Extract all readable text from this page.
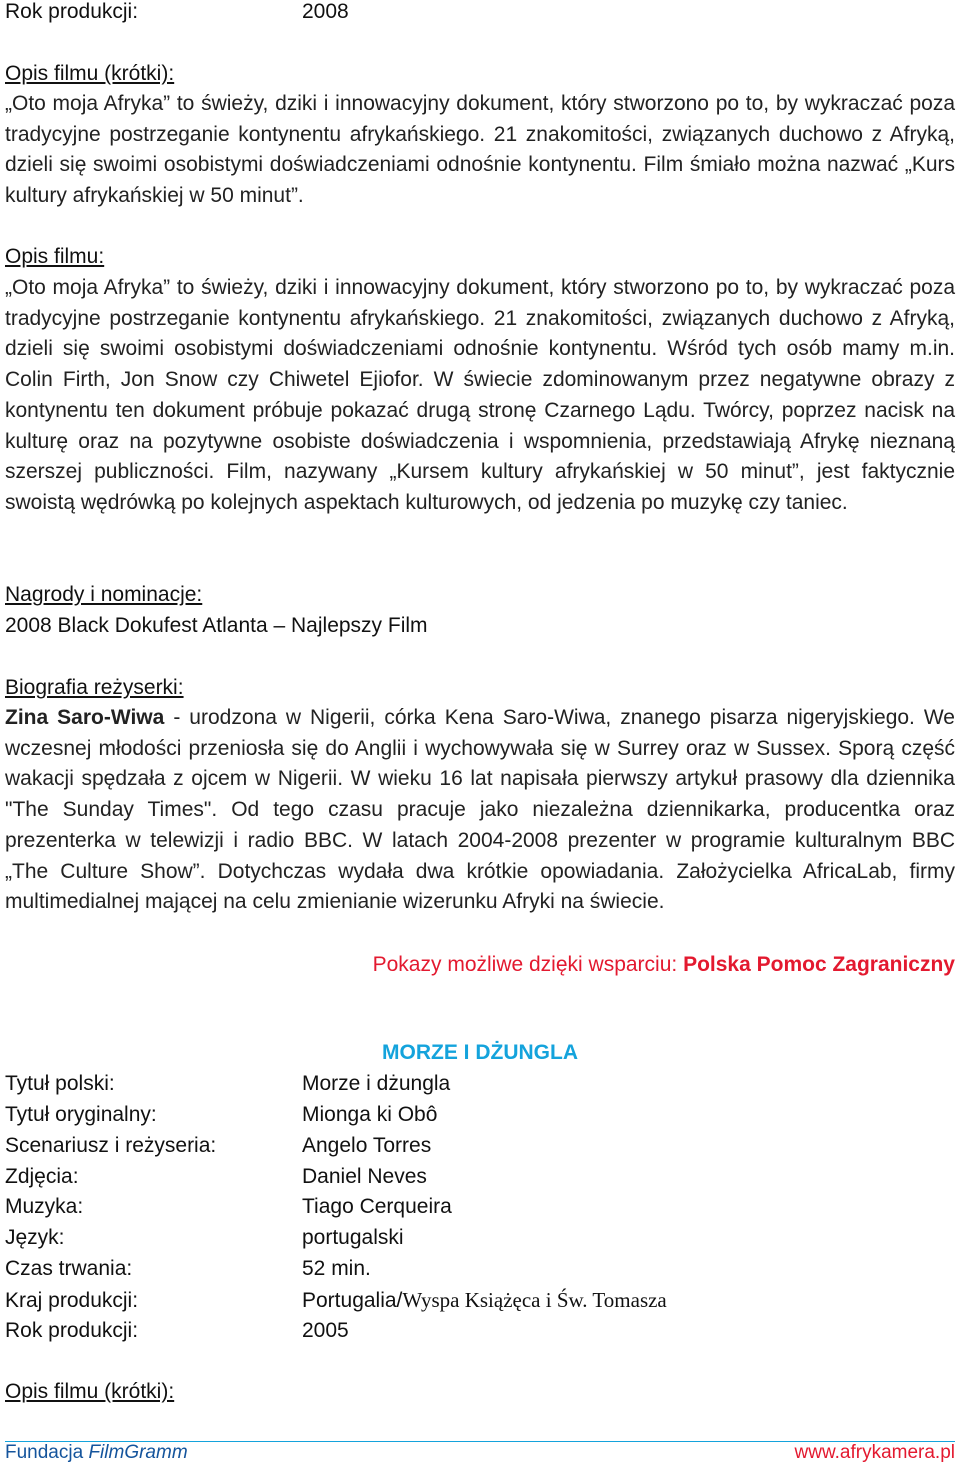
Rok produkcji:	2008
Opis filmu (krótki):

„Oto moja Afryka” to świeży, dziki i innowacyjny dokument, który stworzono po to, by wykraczać poza tradycyjne postrzeganie kontynentu afrykańskiego. 21 znakomitości, związanych duchowo z Afryką, dzieli się swoimi osobistymi doświadczeniami odnośnie kontynentu. Film śmiało można nazwać „Kurs kultury afrykańskiej w 50 minut”.

Opis filmu:

„Oto moja Afryka” to świeży, dziki i innowacyjny dokument, który stworzono po to, by wykraczać poza tradycyjne postrzeganie kontynentu afrykańskiego. 21 znakomitości, związanych duchowo z Afryką, dzieli się swoimi osobistymi doświadczeniami odnośnie kontynentu. Wśród tych osób mamy m.in. Colin Firth, Jon Snow czy Chiwetel Ejiofor. W świecie zdominowanym przez negatywne obrazy z kontynentu ten dokument próbuje pokazać drugą stronę Czarnego Lądu. Twórcy, poprzez nacisk na kulturę oraz na pozytywne osobiste doświadczenia i wspomnienia, przedstawiają Afrykę nieznaną szerszej publiczności. Film, nazywany „Kursem kultury afrykańskiej w 50 minut”, jest faktycznie swoistą wędrówką po kolejnych aspektach kulturowych, od jedzenia po muzykę czy taniec.

Nagrody i nominacje:
2008 Black Dokufest Atlanta – Najlepszy Film
Biografia reżyserki:

Zina Saro-Wiwa - urodzona w Nigerii, córka Kena Saro-Wiwa, znanego pisarza nigeryjskiego. We wczesnej młodości przeniosła się do Anglii i wychowywała się w Surrey oraz w Sussex. Sporą część wakacji spędzała z ojcem w Nigerii. W wieku 16 lat napisała pierwszy artykuł prasowy dla dziennika "The Sunday Times". Od tego czasu pracuje jako niezależna dziennikarka, producentka oraz prezenterka w telewizji i radio BBC. W latach 2004-2008 prezenter w programie kulturalnym BBC „The Culture Show”. Dotychczas wydała dwa krótkie opowiadania. Założycielka AfricaLab, firmy multimedialnej mającej na celu zmienianie wizerunku Afryki na świecie.

Pokazy możliwe dzięki wsparciu: Polska Pomoc Zagraniczny
MORZE I DŻUNGLA
Tytuł polski:	Morze i dżungla
Tytuł oryginalny:	Mionga ki Obô
Scenariusz i reżyseria:	Angelo Torres
Zdjęcia:	Daniel Neves
Muzyka:	Tiago Cerqueira
Język:	portugalski
Czas trwania:	52 min.
Kraj produkcji:	Portugalia/Wyspa Książęca i Św. Tomasza
Rok produkcji:	2005
Opis filmu (krótki):
Fundacja FilmGramm	www.afrykamera.pl
